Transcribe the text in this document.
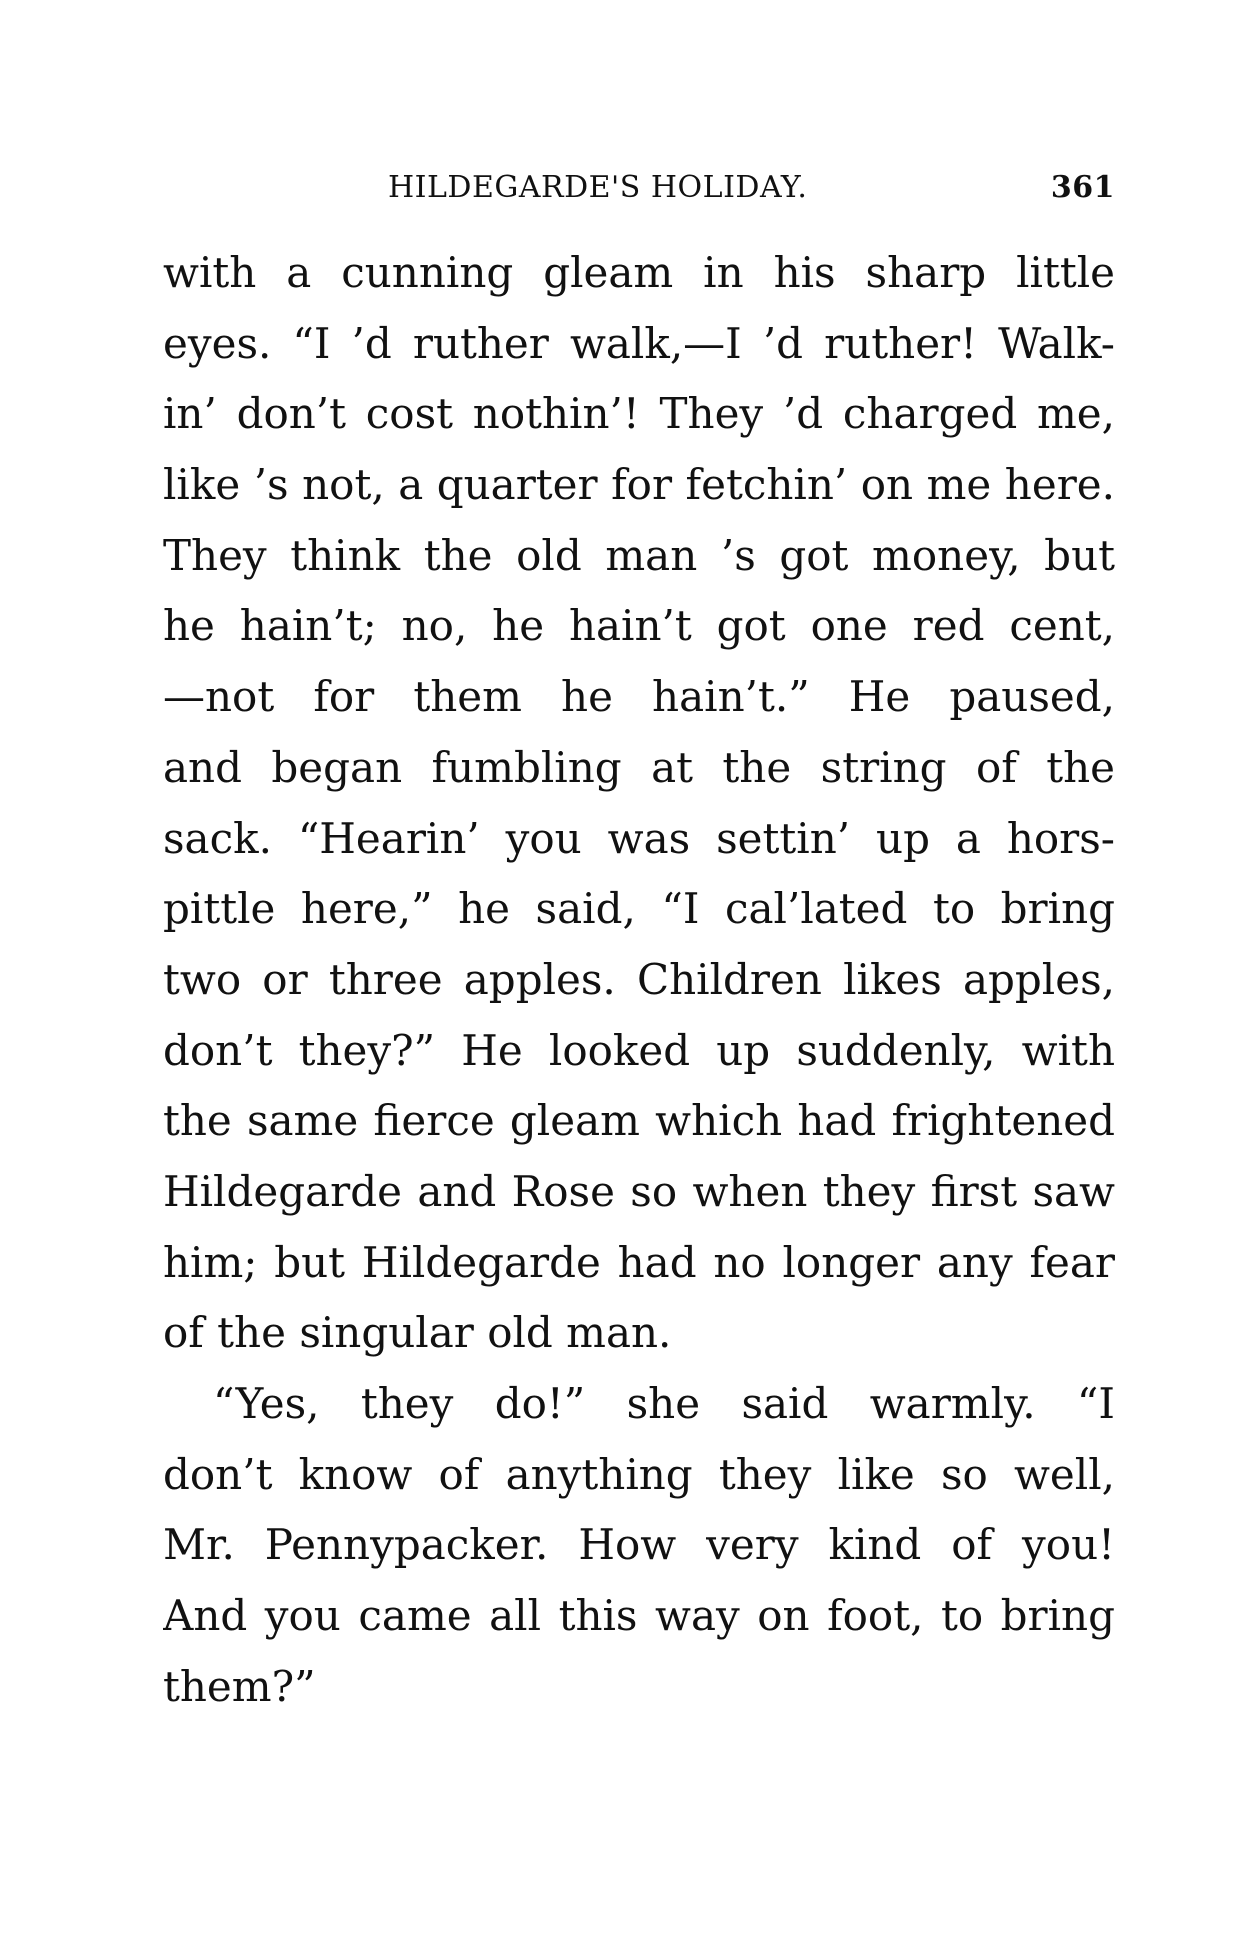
HILDEGARDE'S HOLIDAY.	361
with a cunning gleam in his sharp little
eyes. “I ’d ruther walk,—I ’d ruther! Walk-
in’ don’t cost nothin’! They ’d charged me,
like ’s not, a quarter for fetchin’ on me here.
They think the old man ’s got money, but
he hain’t; no, he hain’t got one red cent,
—not for them he hain’t.” He paused,
and began fumbling at the string of the
sack. “Hearin’ you was settin’ up a hors-
pittle here,” he said, “I cal’lated to bring
two or three apples. Children likes apples,
don’t they?” He looked up suddenly, with
the same fierce gleam which had frightened
Hildegarde and Rose so when they first saw
him; but Hildegarde had no longer any fear
of the singular old man.
“Yes, they do!” she said warmly. “I
don’t know of anything they like so well,
Mr. Pennypacker. How very kind of you!
And you came all this way on foot, to bring
them?”
